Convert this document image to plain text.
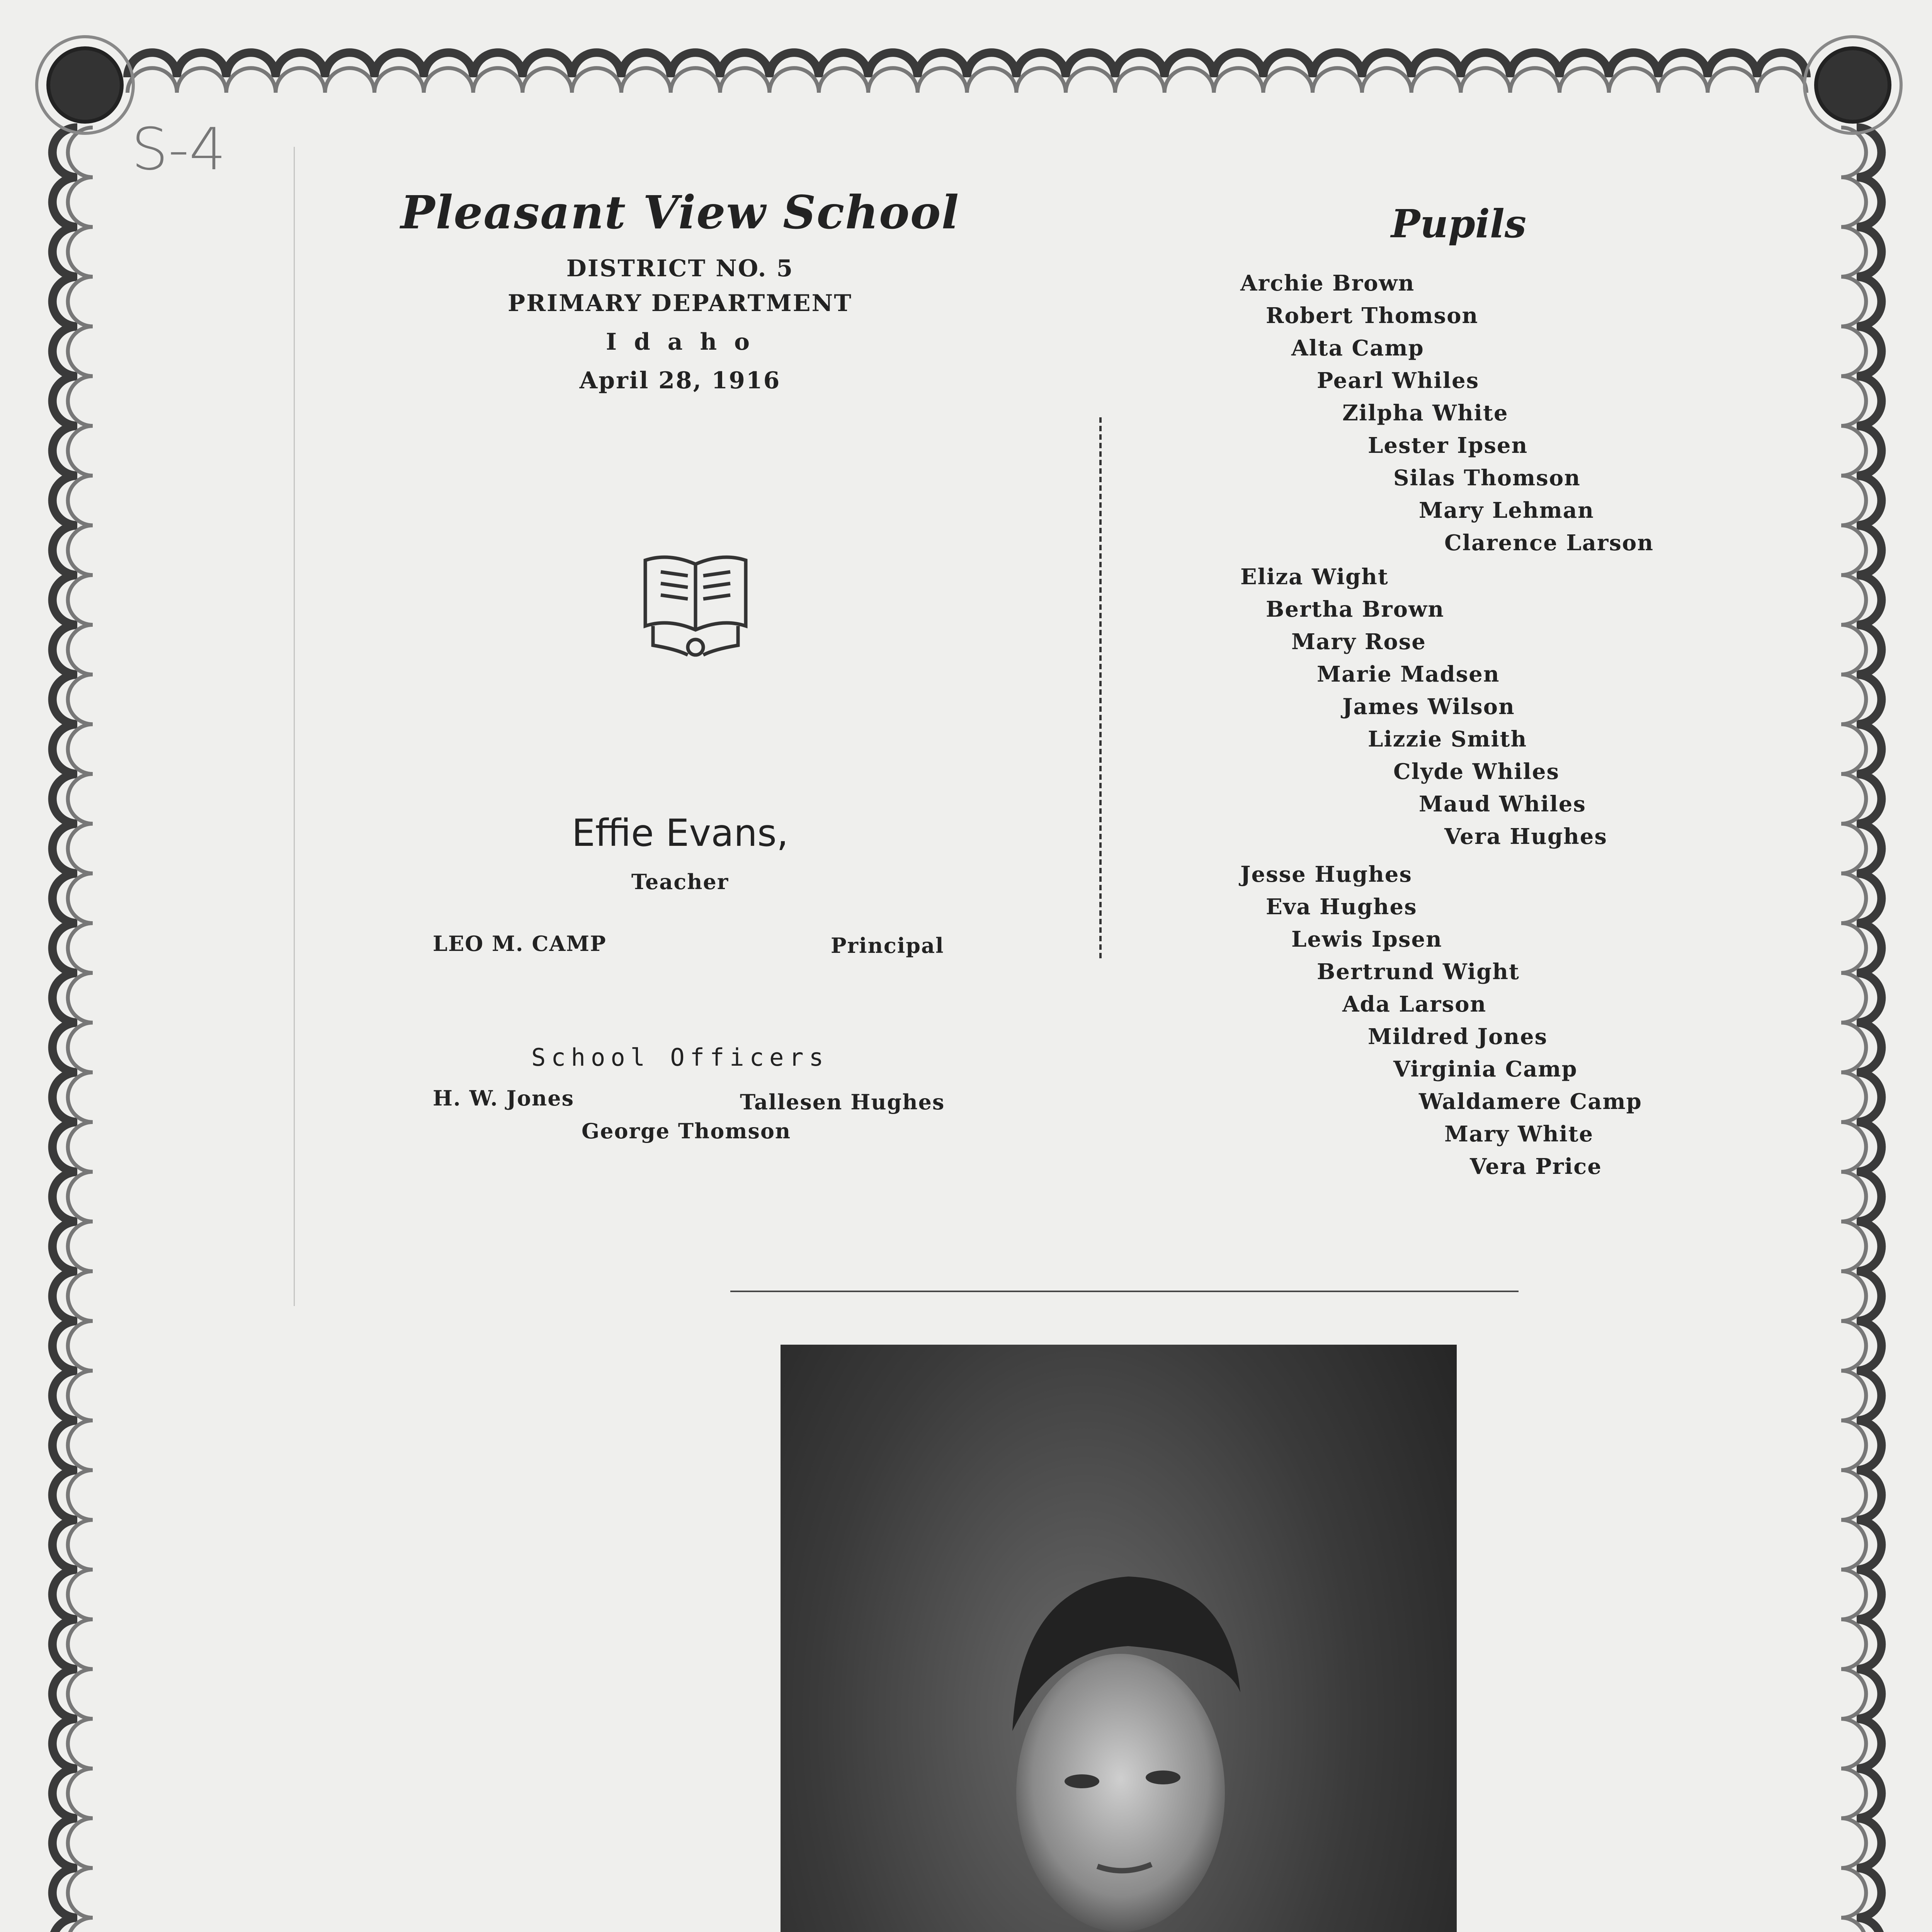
S-4
Pleasant View School
DISTRICT NO. 5
PRIMARY DEPARTMENT
I d a h o
April 28, 1916
Effie Evans,
Teacher
LEO M. CAMP	Principal
School Officers
H. W. Jones	Tallesen Hughes
George Thomson
Pupils
Archie Brown
Robert Thomson
Alta Camp
Pearl Whiles
Zilpha White
Lester Ipsen
Silas Thomson
Mary Lehman
Clarence Larson
Eliza Wight
Bertha Brown
Mary Rose
Marie Madsen
James Wilson
Lizzie Smith
Clyde Whiles
Maud Whiles
Vera Hughes
Jesse Hughes
Eva Hughes
Lewis Ipsen
Bertrund Wight
Ada Larson
Mildred Jones
Virginia Camp
Waldamere Camp
Mary White
Vera Price
